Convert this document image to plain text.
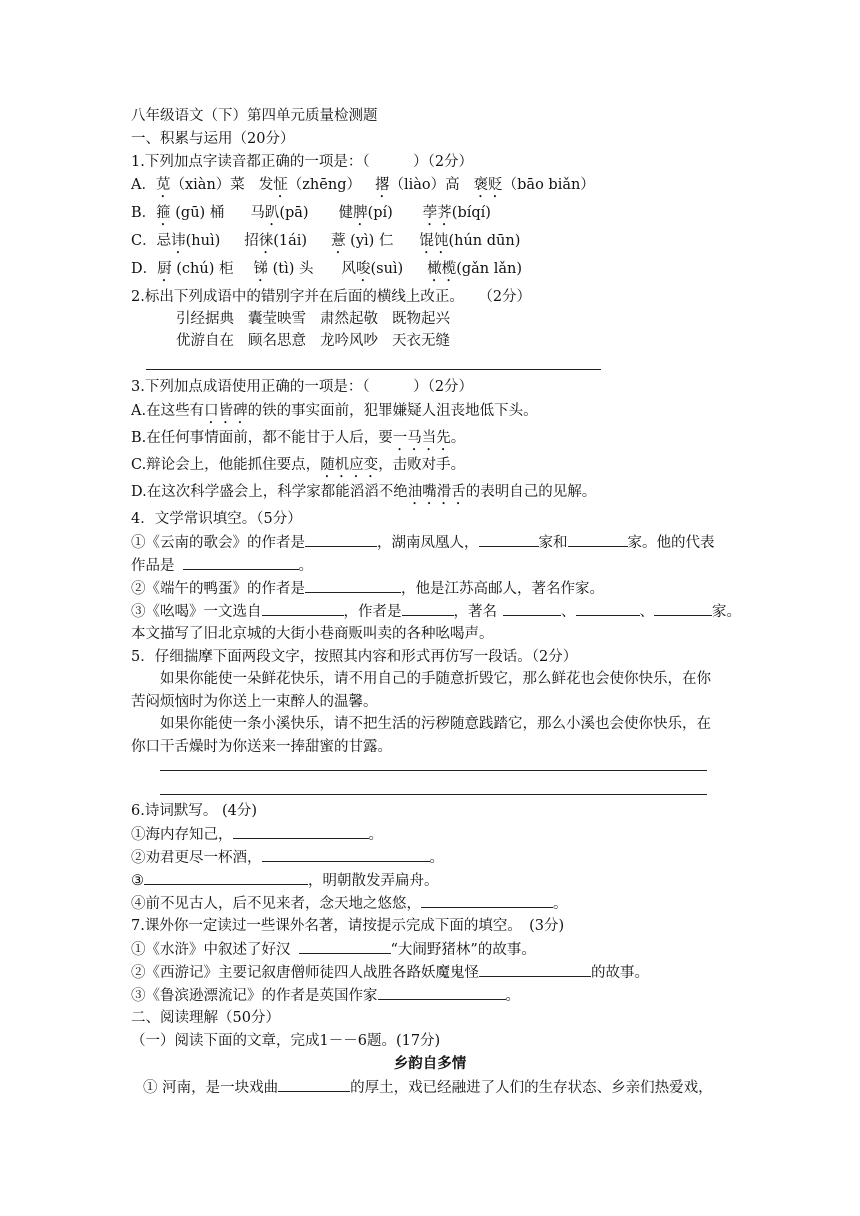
八年级语文（下）第四单元质量检测题
一、积累与运用（20分）
1.下列加点字读音都正确的一项是：（　　　）（2分）
A．苋（xiàn）菜 发怔（zhēng） 撂（liào）高 褒贬（bāo biǎn）
B．箍 (gū) 桶 马趴(pā) 健脾(pí) 荸荠(bíqí)
C．忌讳(huì) 招徕(1ái) 薏 (yì) 仁 馄饨(hún dūn)
D．厨 (chú) 柜 锑 (tì) 头 风唆(suì) 橄榄(gǎn lǎn)
2.标出下列成语中的错别字并在后面的横线上改正。　　（2分）
引经据典 囊莹映雪 肃然起敬 既物起兴
优游自在 顾名思意 龙吟风吵 天衣无缝
3.下列加点成语使用正确的一项是：（　　　）（2分）
A.在这些有口皆碑的铁的事实面前，犯罪嫌疑人沮丧地低下头。
B.在任何事情面前，都不能甘于人后，要一马当先。
C.辩论会上，他能抓住要点，随机应变，击败对手。
D.在这次科学盛会上，科学家都能滔滔不绝油嘴滑舌的表明自己的见解。
4．文学常识填空。（5分）
①《云南的歌会》的作者是	，湖南凤凰人，	家和	家。他的代表
作品是	。
②《端午的鸭蛋》的作者是	，他是江苏高邮人，著名作家。
③《吆喝》一文选自	，作者是	，著名	、	、	家。
本文描写了旧北京城的大街小巷商贩叫卖的各种吆喝声。
5．仔细揣摩下面两段文字，按照其内容和形式再仿写一段话。（2分）
如果你能使一朵鲜花快乐，请不用自己的手随意折毁它，那么鲜花也会使你快乐，在你
苦闷烦恼时为你送上一束醉人的温馨。
如果你能使一条小溪快乐，请不把生活的污秽随意践踏它，那么小溪也会使你快乐，在
你口干舌燥时为你送来一捧甜蜜的甘露。
6.诗词默写。 (4分)
①海内存知己，	。
②劝君更尽一杯酒，	。
③	，明朝散发弄扁舟。
④前不见古人，后不见来者，念天地之悠悠，	。
7.课外你一定读过一些课外名著，请按提示完成下面的填空。　(3分)
①《水浒》中叙述了好汉	“大闹野猪林”的故事。
②《西游记》主要记叙唐僧师徒四人战胜各路妖魔鬼怪	的故事。
③《鲁滨逊漂流记》的作者是英国作家	。
二、阅读理解（50分）
（一）阅读下面的文章，完成1－－6题。(17分)
乡韵自多情
① 河南，是一块戏曲	的厚土，戏已经融进了人们的生存状态、乡亲们热爱戏，
